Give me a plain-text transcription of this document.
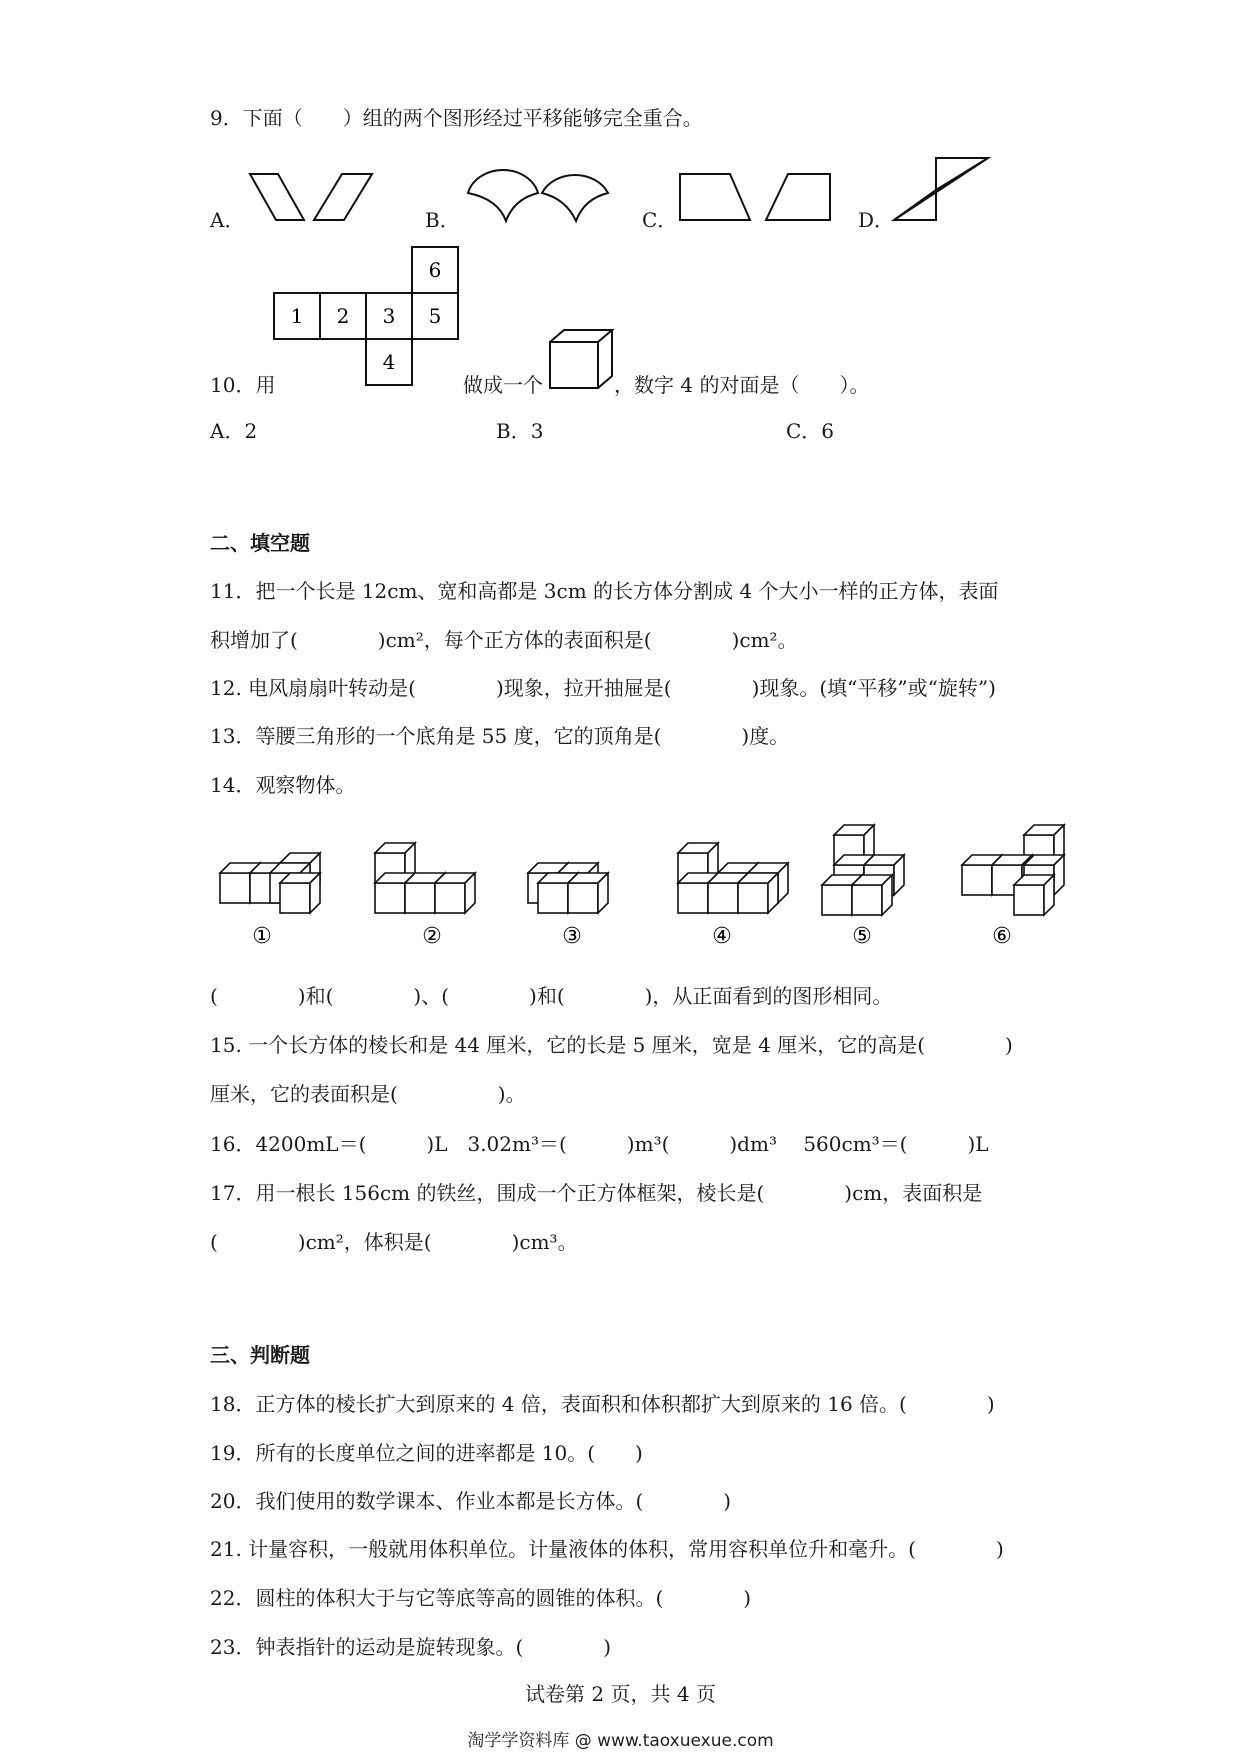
9．下面（　　）组的两个图形经过平移能够完全重合。
A．	B．	C．	D．
1 2 3 5
6
4
10．用	做成一个	，数字 4 的对面是（　　）。
A．2	B．3	C．6
二、填空题
11．把一个长是 12cm、宽和高都是 3cm 的长方体分割成 4 个大小一样的正方体，表面
积增加了(　　　　)cm²，每个正方体的表面积是(　　　　)cm²。
12. 电风扇扇叶转动是(　　　　)现象，拉开抽屉是(　　　　)现象。(填“平移”或“旋转”)
13．等腰三角形的一个底角是 55 度，它的顶角是(　　　　)度。
14．观察物体。
①	②	③	④	⑤	⑥
(　　　　)和(　　　　)、(　　　　)和(　　　　)，从正面看到的图形相同。
15. 一个长方体的棱长和是 44 厘米，它的长是 5 厘米，宽是 4 厘米，它的高是(　　　　)
厘米，它的表面积是(　　　　　)。
16．4200mL＝(　　　)L　3.02m³＝(　　　)m³(　　　)dm³　 560cm³＝(　　　)L
17．用一根长 156cm 的铁丝，围成一个正方体框架，棱长是(　　　　)cm，表面积是
(　　　　)cm²，体积是(　　　　)cm³。
三、判断题
18．正方体的棱长扩大到原来的 4 倍，表面积和体积都扩大到原来的 16 倍。(　　　　)
19．所有的长度单位之间的进率都是 10。(　　)
20．我们使用的数学课本、作业本都是长方体。(　　　　)
21. 计量容积，一般就用体积单位。计量液体的体积，常用容积单位升和毫升。(　　　　)
22．圆柱的体积大于与它等底等高的圆锥的体积。(　　　　)
23．钟表指针的运动是旋转现象。(　　　　)
试卷第 2 页，共 4 页
淘学学资料库 @ www.taoxuexue.com
